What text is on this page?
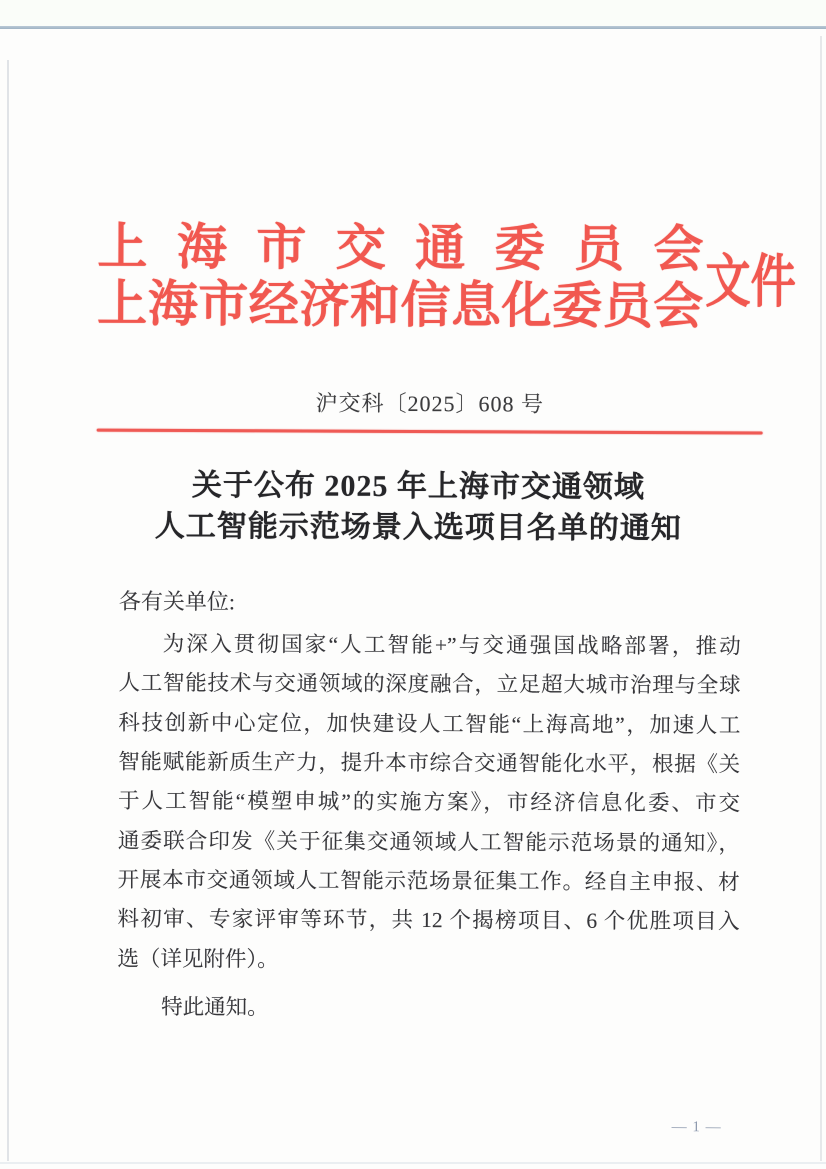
上海市交通委员会
上海市经济和信息化委员会 文件
沪交科〔2025〕608 号
关于公布 2025 年上海市交通领域
人工智能示范场景入选项目名单的通知
各有关单位:
为深入贯彻国家“人工智能+”与交通强国战略部署，推动
人工智能技术与交通领域的深度融合，立足超大城市治理与全球
科技创新中心定位，加快建设人工智能“上海高地”，加速人工
智能赋能新质生产力，提升本市综合交通智能化水平，根据《关
于人工智能“模塑申城”的实施方案》，市经济信息化委、市交
通委联合印发《关于征集交通领域人工智能示范场景的通知》，
开展本市交通领域人工智能示范场景征集工作。经自主申报、材
料初审、专家评审等环节，共 12 个揭榜项目、6 个优胜项目入
选（详见附件）。
特此通知。
— 1 —
